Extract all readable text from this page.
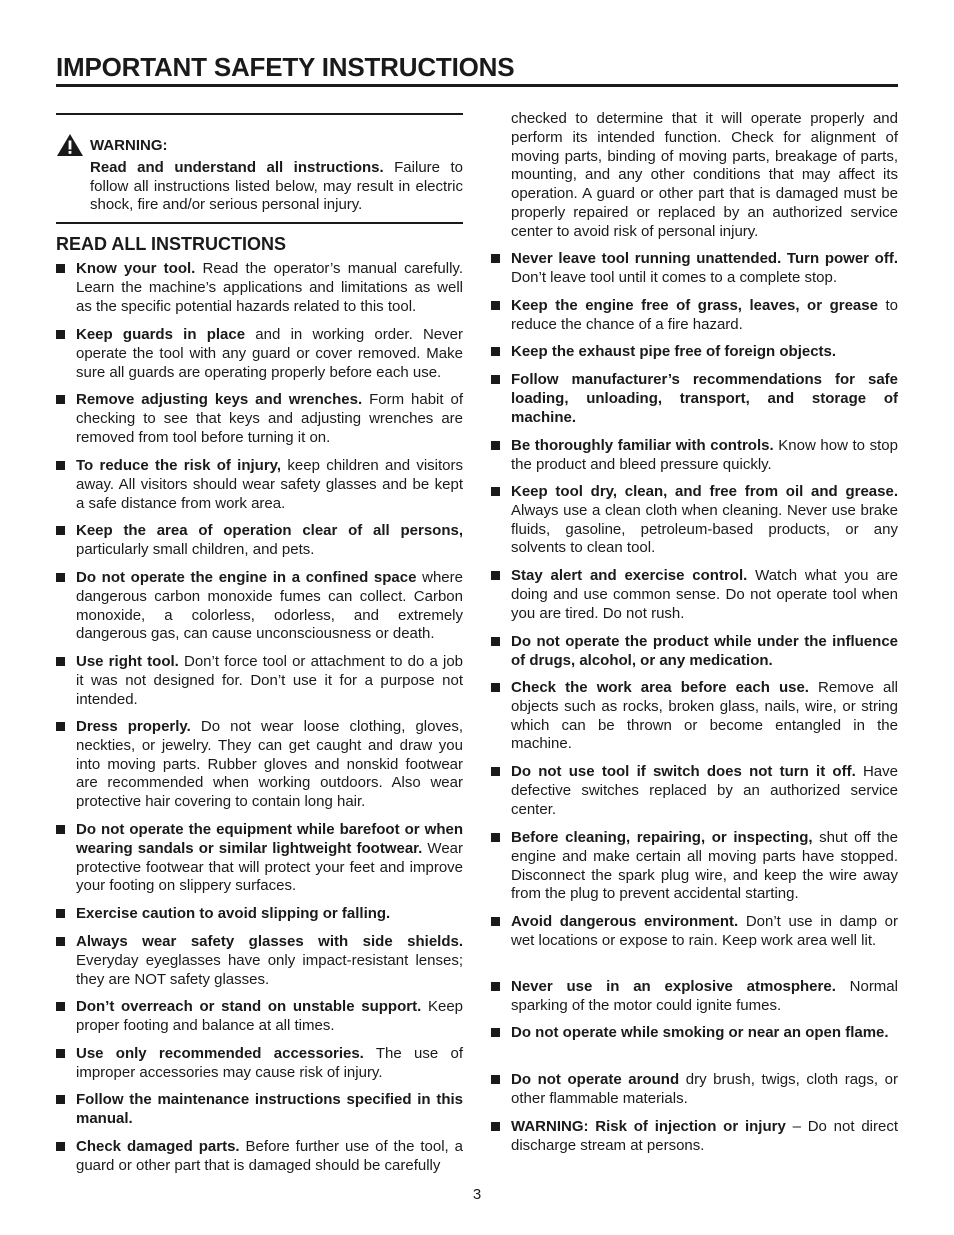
IMPORTANT SAFETY INSTRUCTIONS
WARNING:
Read and understand all instructions. Failure to follow all instructions listed below, may result in electric shock, fire and/or serious personal injury.
READ ALL INSTRUCTIONS
Know your tool. Read the operator’s manual carefully. Learn the machine’s applications and limitations as well as the specific potential hazards related to this tool.
Keep guards in place and in working order. Never operate the tool with any guard or cover removed. Make sure all guards are operating properly before each use.
Remove adjusting keys and wrenches. Form habit of checking to see that keys and adjusting wrenches are removed from tool before turning it on.
To reduce the risk of injury, keep children and visitors away. All visitors should wear safety glasses and be kept a safe distance from work area.
Keep the area of operation clear of all persons, particularly small children, and pets.
Do not operate the engine in a confined space where dangerous carbon monoxide fumes can collect. Carbon monoxide, a colorless, odorless, and extremely dangerous gas, can cause unconsciousness or death.
Use right tool. Don’t force tool or attachment to do a job it was not designed for. Don’t use it for a purpose not intended.
Dress properly. Do not wear loose clothing, gloves, neckties, or jewelry. They can get caught and draw you into moving parts. Rubber gloves and nonskid footwear are recommended when working outdoors. Also wear protective hair covering to contain long hair.
Do not operate the equipment while barefoot or when wearing sandals or similar lightweight footwear. Wear protective footwear that will protect your feet and improve your footing on slippery surfaces.
Exercise caution to avoid slipping or falling.
Always wear safety glasses with side shields. Everyday eyeglasses have only impact-resistant lenses; they are NOT safety glasses.
Don’t overreach or stand on unstable support. Keep proper footing and balance at all times.
Use only recommended accessories. The use of improper accessories may cause risk of injury.
Follow the maintenance instructions specified in this manual.
Check damaged parts. Before further use of the tool, a guard or other part that is damaged should be carefully
checked to determine that it will operate properly and perform its intended function. Check for alignment of moving parts, binding of moving parts, breakage of parts, mounting, and any other conditions that may affect its operation. A guard or other part that is damaged must be properly repaired or replaced by an authorized service center to avoid risk of personal injury.
Never leave tool running unattended. Turn power off. Don’t leave tool until it comes to a complete stop.
Keep the engine free of grass, leaves, or grease to reduce the chance of a fire hazard.
Keep the exhaust pipe free of foreign objects.
Follow manufacturer’s recommendations for safe loading, unloading, transport, and storage of machine.
Be thoroughly familiar with controls. Know how to stop the product and bleed pressure quickly.
Keep tool dry, clean, and free from oil and grease. Always use a clean cloth when cleaning. Never use brake fluids, gasoline, petroleum-based products, or any solvents to clean tool.
Stay alert and exercise control. Watch what you are doing and use common sense. Do not operate tool when you are tired. Do not rush.
Do not operate the product while under the influence of drugs, alcohol, or any medication.
Check the work area before each use. Remove all objects such as rocks, broken glass, nails, wire, or string which can be thrown or become entangled in the machine.
Do not use tool if switch does not turn it off. Have defective switches replaced by an authorized service center.
Before cleaning, repairing, or inspecting, shut off the engine and make certain all moving parts have stopped. Disconnect the spark plug wire, and keep the wire away from the plug to prevent accidental starting.
Avoid dangerous environment. Don’t use in damp or wet locations or expose to rain. Keep work area well lit.
Never use in an explosive atmosphere. Normal sparking of the motor could ignite fumes.
Do not operate while smoking or near an open flame.
Do not operate around dry brush, twigs, cloth rags, or other flammable materials.
WARNING: Risk of injection or injury – Do not direct discharge stream at persons.
3
